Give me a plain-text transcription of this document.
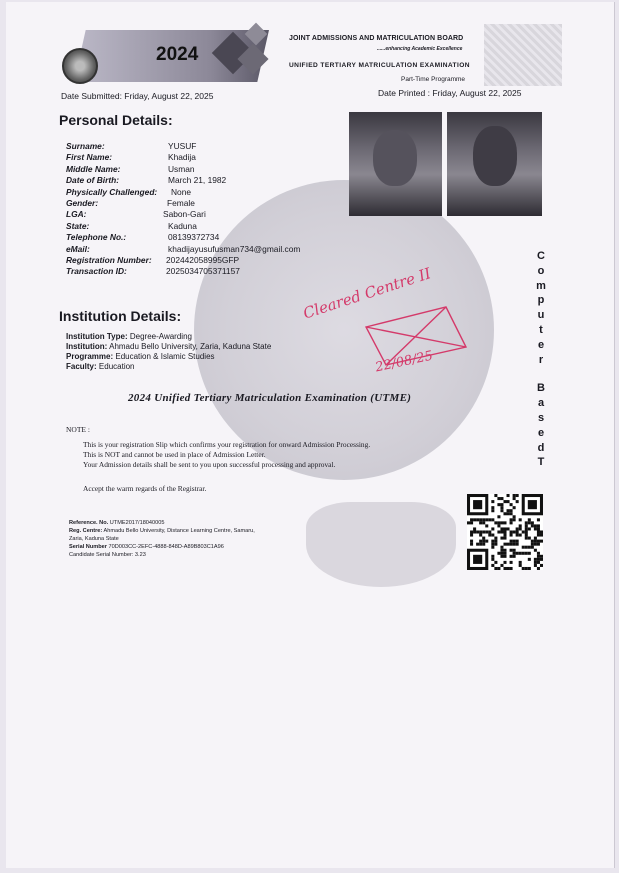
2024
JOINT ADMISSIONS AND MATRICULATION BOARD
......enhancing Academic Excellence
UNIFIED TERTIARY MATRICULATION EXAMINATION
Part-Time Programme
Date Submitted: Friday, August 22, 2025	Date Printed : Friday, August 22, 2025
Personal Details:
Surname:	YUSUF
First Name:	Khadija
Middle Name:	Usman
Date of Birth:	March 21, 1982
Physically Challenged: None
Gender:	Female
LGA:	Sabon-Gari
State:	Kaduna
Telephone No.:	08139372734
eMail:	khadijayusufusman734@gmail.com
Registration Number: 202442058995GFP
Transaction ID:	2025034705371157
Institution Details:
Institution Type: Degree-Awarding
Institution: Ahmadu Bello University, Zaria, Kaduna State
Programme: Education & Islamic Studies
Faculty: Education
2024 Unified Tertiary Matriculation Examination (UTME)
NOTE :
This is your registration Slip which confirms your registration for onward Admission Processing.
This is NOT and cannot be used in place of Admission Letter.
Your Admission details shall be sent to you upon successful processing and approval.
Accept the warm regards of the Registrar.
Reference. No. UTME2017/18040005
Reg. Centre: Ahmadu Bello University, Distance Learning Centre, Samaru,
Zaria, Kaduna State
Serial Number 70D003CC-2EFC-4888-848D-A89B803C1A96
Candidate Serial Number: 3.23
C
o
m
p
u
t
e
r
B
a
s
e
d
T
Cleared Centre II
22/08/25
